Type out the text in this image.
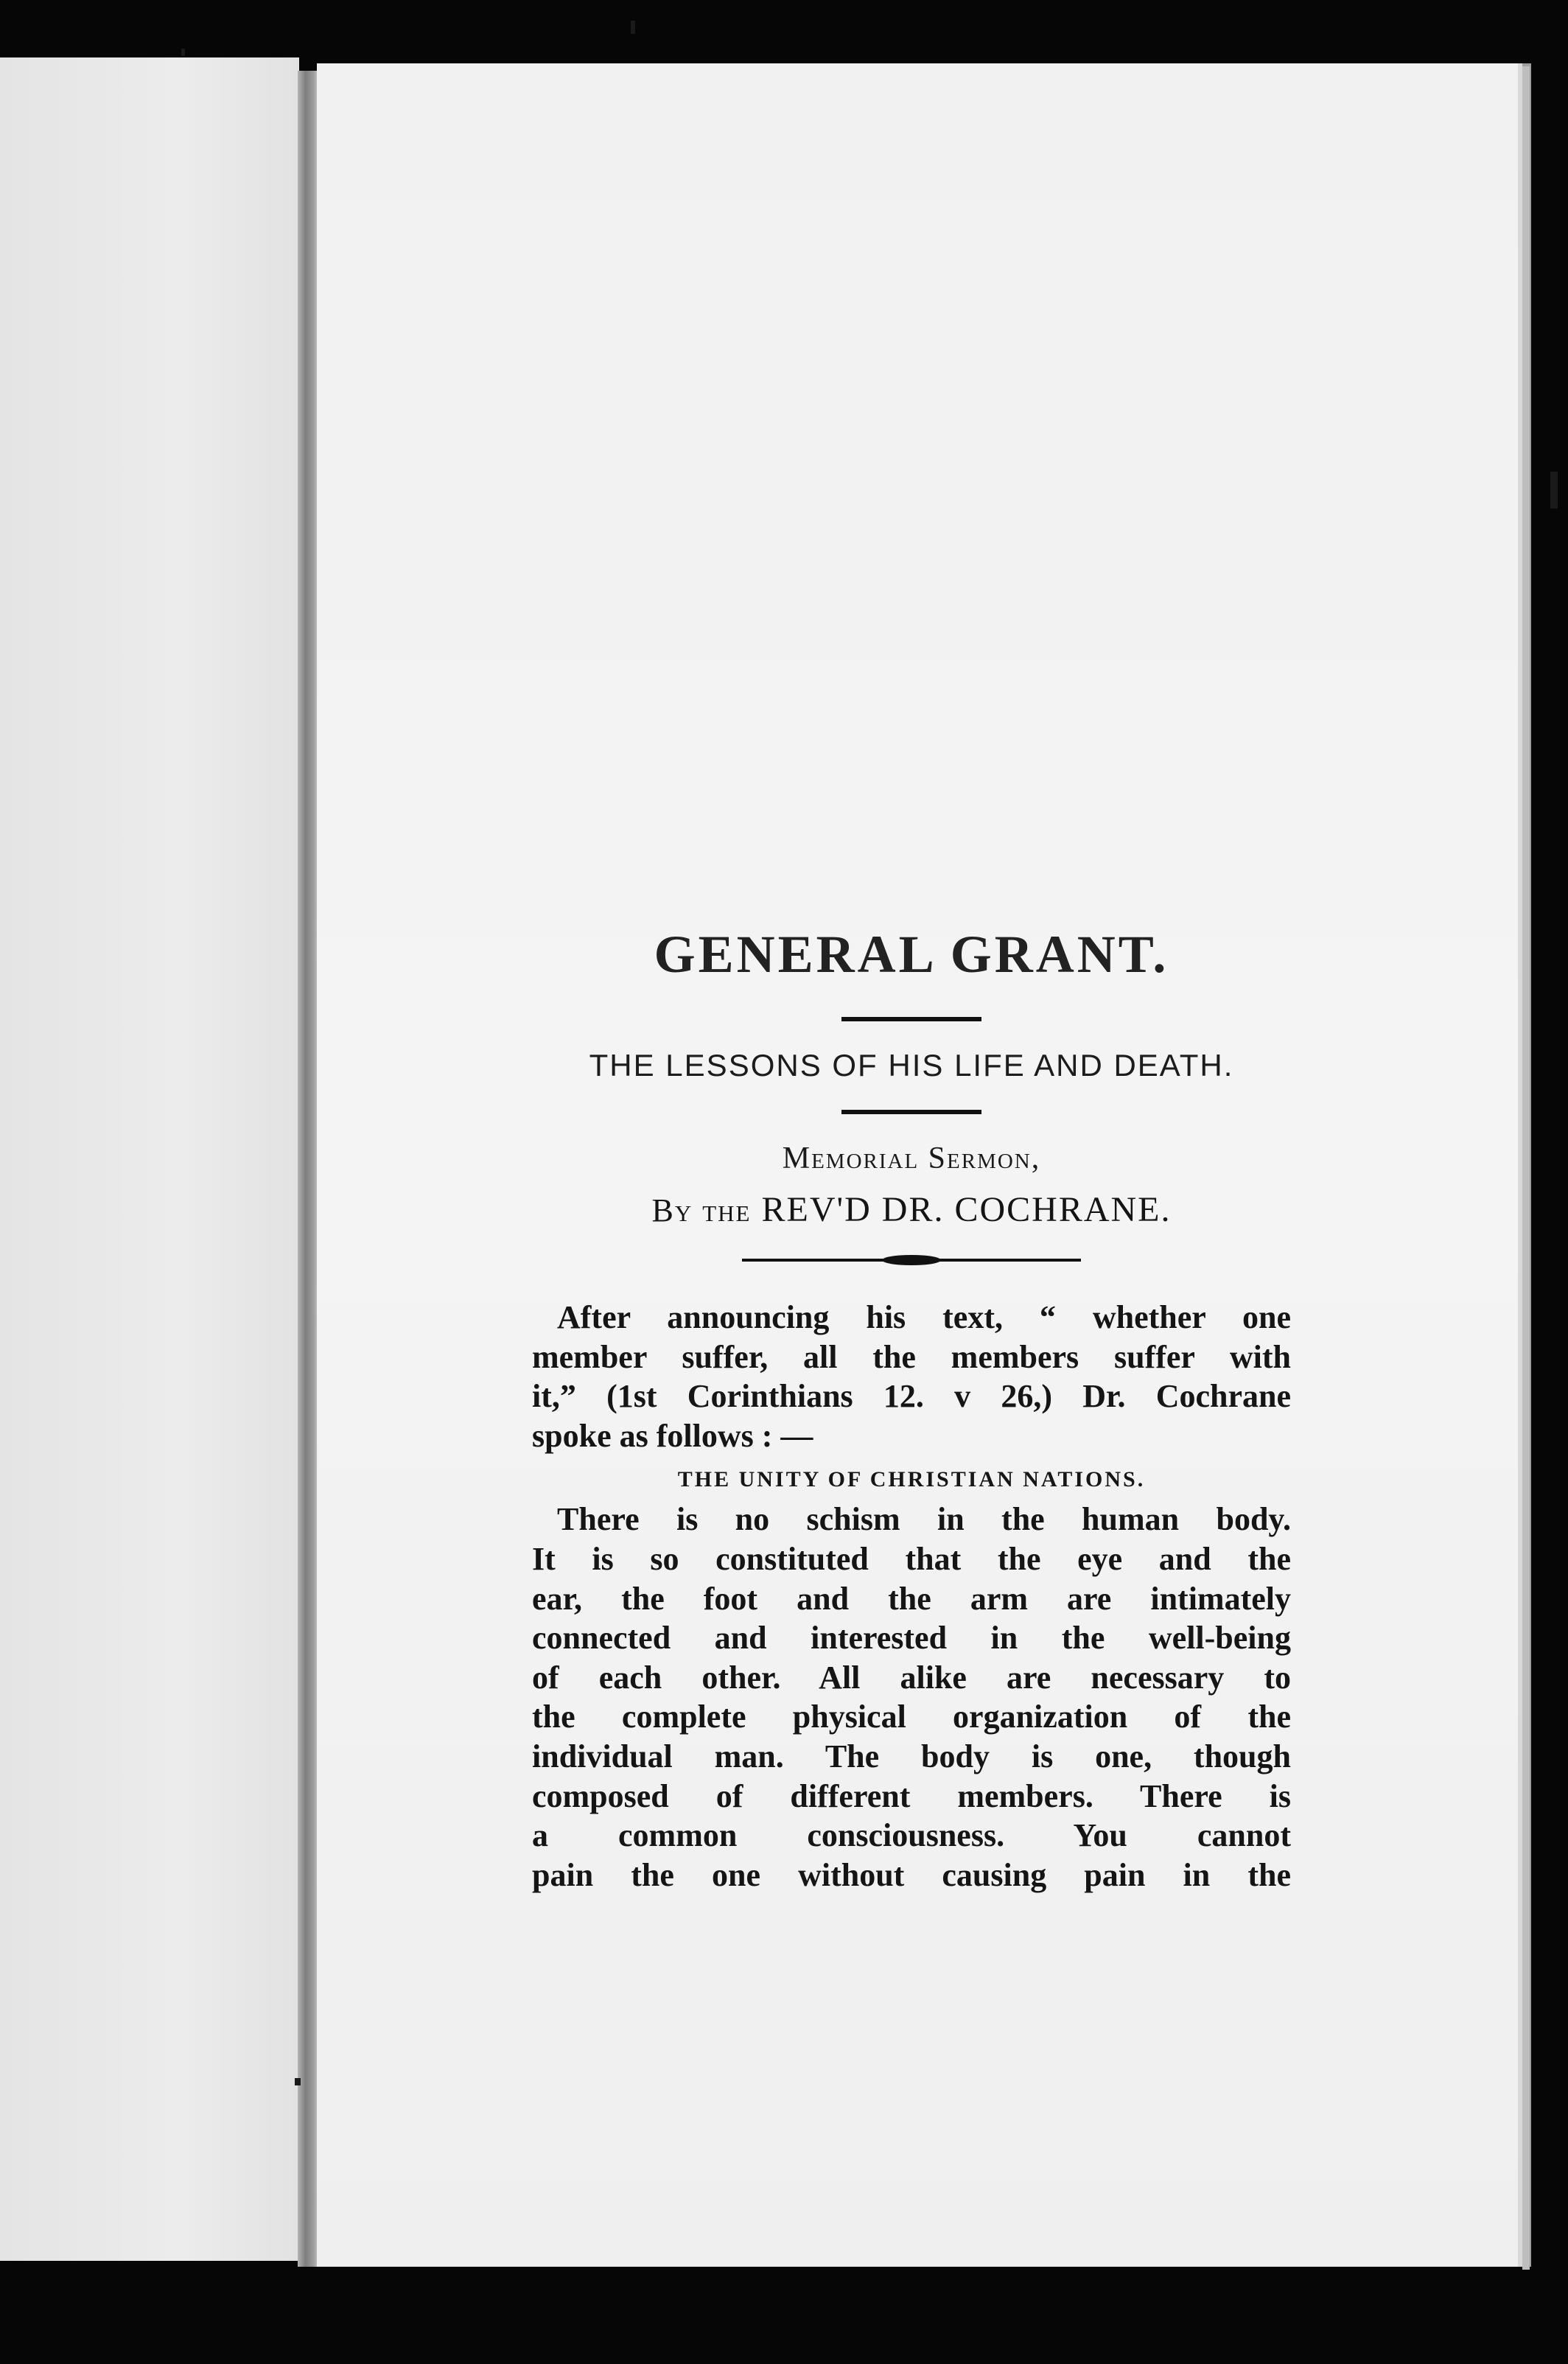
GENERAL GRANT.

THE LESSONS OF HIS LIFE AND DEATH.

Memorial Sermon,

By the REV'D DR. COCHRANE.

After announcing his text, “ whether one
member suffer, all the members suffer with
it,” (1st Corinthians 12. v 26,) Dr. Cochrane
spoke as follows : —

THE UNITY OF CHRISTIAN NATIONS.

There is no schism in the human body.
It is so constituted that the eye and the
ear, the foot and the arm are intimately
connected and interested in the well-being
of each other. All alike are necessary to
the complete physical organization of the
individual man. The body is one, though
composed of different members. There is
a common consciousness. You cannot
pain the one without causing pain in the
